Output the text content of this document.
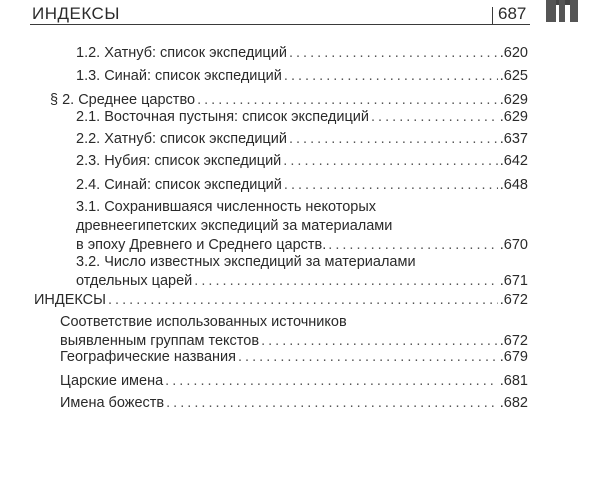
ИНДЕКСЫ	687
1.2. Хатнуб: список экспедиций . . .	.620
1.3. Синай: список экспедиций . . .	.625
§ 2. Среднее царство . . .	.629
2.1. Восточная пустыня: список экспедиций . . .	.629
2.2. Хатнуб: список экспедиций . . .	.637
2.3. Нубия: список экспедиций . . .	.642
2.4. Синай: список экспедиций . . .	.648
3.1. Сохранившаяся численность некоторых
древнеегипетских экспедиций за материалами
в эпоху Древнего и Среднего царств. . . .	.670
3.2. Число известных экспедиций за материалами
отдельных царей . . .	.671
ИНДЕКСЫ . . .	.672
Соответствие использованных источников
выявленным группам текстов . . .	.672
Географические названия . . .	.679
Царские имена . . .	.681
Имена божеств . . .	.682
